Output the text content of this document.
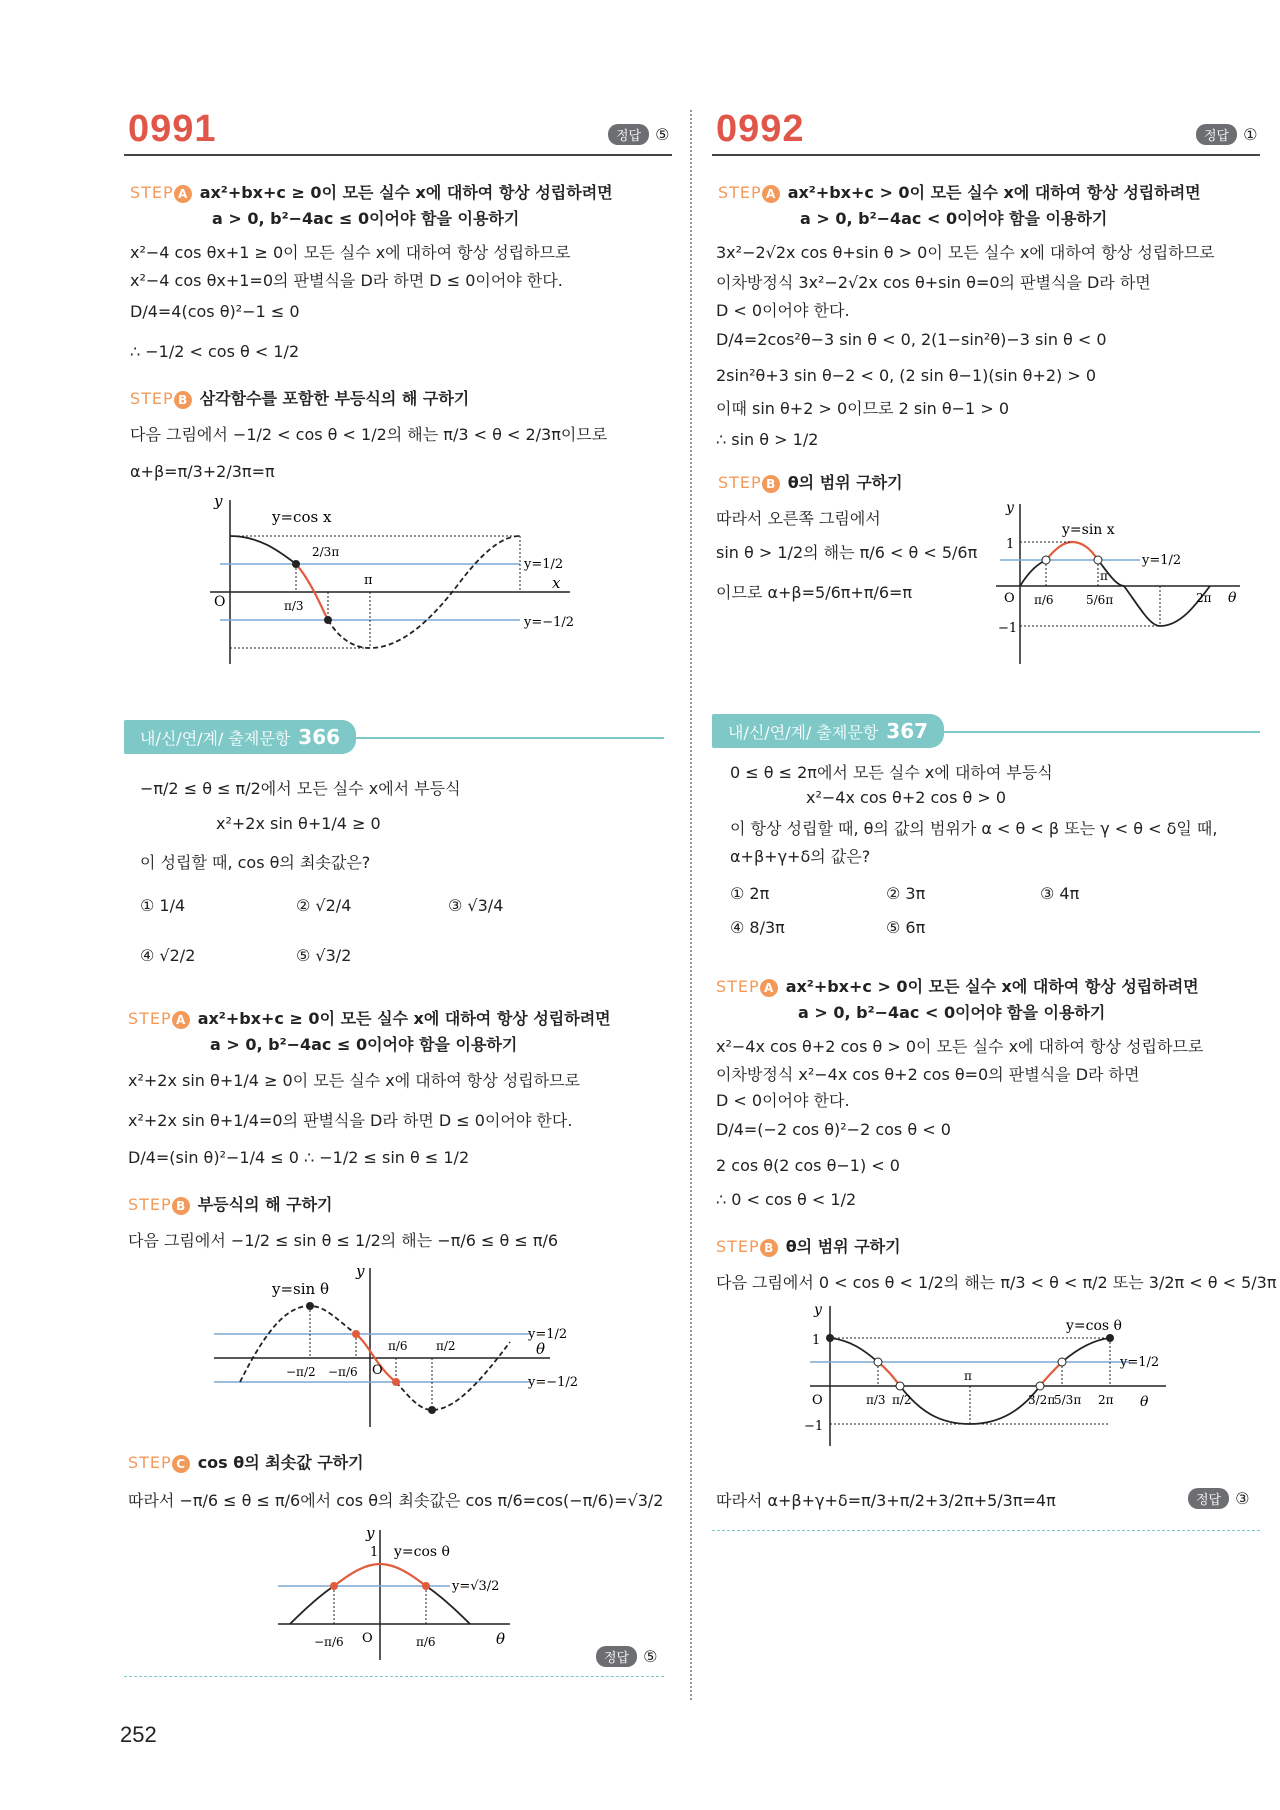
0991	정답 ⑤
STEP A ax²+bx+c ≥ 0이 모든 실수 x에 대하여 항상 성립하려면
a > 0, b²−4ac ≤ 0이어야 함을 이용하기
x²−4 cos θx+1 ≥ 0이 모든 실수 x에 대하여 항상 성립하므로
x²−4 cos θx+1=0의 판별식을 D라 하면 D ≤ 0이어야 한다.
D/4=4(cos θ)²−1 ≤ 0
∴ −1/2 < cos θ < 1/2
STEP B 삼각함수를 포함한 부등식의 해 구하기
다음 그림에서 −1/2 < cos θ < 1/2의 해는 π/3 < θ < 2/3π이므로
α+β=π/3+2/3π=π
y
x
y=cos x
O	π/3
2/3π
π
y=1/2
y=−1/2
내/신/연/계/ 출제문항 366
−π/2 ≤ θ ≤ π/2에서 모든 실수 x에서 부등식
x²+2x sin θ+1/4 ≥ 0
이 성립할 때, cos θ의 최솟값은?
① 1/4	② √2/4	③ √3/4
④ √2/2	⑤ √3/2
STEP A ax²+bx+c ≥ 0이 모든 실수 x에 대하여 항상 성립하려면
a > 0, b²−4ac ≤ 0이어야 함을 이용하기
x²+2x sin θ+1/4 ≥ 0이 모든 실수 x에 대하여 항상 성립하므로
x²+2x sin θ+1/4=0의 판별식을 D라 하면 D ≤ 0이어야 한다.
D/4=(sin θ)²−1/4 ≤ 0 ∴ −1/2 ≤ sin θ ≤ 1/2
STEP B 부등식의 해 구하기
다음 그림에서 −1/2 ≤ sin θ ≤ 1/2의 해는 −π/6 ≤ θ ≤ π/6
y
θ
y=sin θ
O
−π/2 −π/6
π/6 π/2
y=1/2
y=−1/2
STEP C cos θ의 최솟값 구하기
따라서 −π/6 ≤ θ ≤ π/6에서 cos θ의 최솟값은 cos π/6=cos(−π/6)=√3/2
y
θ
y=cos θ
1
O
−π/6	π/6
y=√3/2
정답 ⑤
0992	정답 ①
STEP A ax²+bx+c > 0이 모든 실수 x에 대하여 항상 성립하려면
a > 0, b²−4ac < 0이어야 함을 이용하기
3x²−2√2x cos θ+sin θ > 0이 모든 실수 x에 대하여 항상 성립하므로
이차방정식 3x²−2√2x cos θ+sin θ=0의 판별식을 D라 하면
D < 0이어야 한다.
D/4=2cos²θ−3 sin θ < 0, 2(1−sin²θ)−3 sin θ < 0
2sin²θ+3 sin θ−2 < 0, (2 sin θ−1)(sin θ+2) > 0
이때 sin θ+2 > 0이므로 2 sin θ−1 > 0
∴ sin θ > 1/2
STEP B θ의 범위 구하기
따라서 오른쪽 그림에서
sin θ > 1/2의 해는 π/6 < θ < 5/6π
이므로 α+β=5/6π+π/6=π
y
θ
y=sin x
O
1
−1
π/6	5/6π
π
2π
y=1/2
내/신/연/계/ 출제문항 367
0 ≤ θ ≤ 2π에서 모든 실수 x에 대하여 부등식
x²−4x cos θ+2 cos θ > 0
이 항상 성립할 때, θ의 값의 범위가 α < θ < β 또는 γ < θ < δ일 때,
α+β+γ+δ의 값은?
① 2π	② 3π	③ 4π
④ 8/3π	⑤ 6π
STEP A ax²+bx+c > 0이 모든 실수 x에 대하여 항상 성립하려면
a > 0, b²−4ac < 0이어야 함을 이용하기
x²−4x cos θ+2 cos θ > 0이 모든 실수 x에 대하여 항상 성립하므로
이차방정식 x²−4x cos θ+2 cos θ=0의 판별식을 D라 하면
D < 0이어야 한다.
D/4=(−2 cos θ)²−2 cos θ < 0
2 cos θ(2 cos θ−1) < 0
∴ 0 < cos θ < 1/2
STEP B θ의 범위 구하기
다음 그림에서 0 < cos θ < 1/2의 해는 π/3 < θ < π/2 또는 3/2π < θ < 5/3π
y
θ
y=cos θ
1
−1
O	π/3 π/2
π
3/2π
5/3π 2π
y=1/2
따라서 α+β+γ+δ=π/3+π/2+3/2π+5/3π=4π	정답 ③
252
